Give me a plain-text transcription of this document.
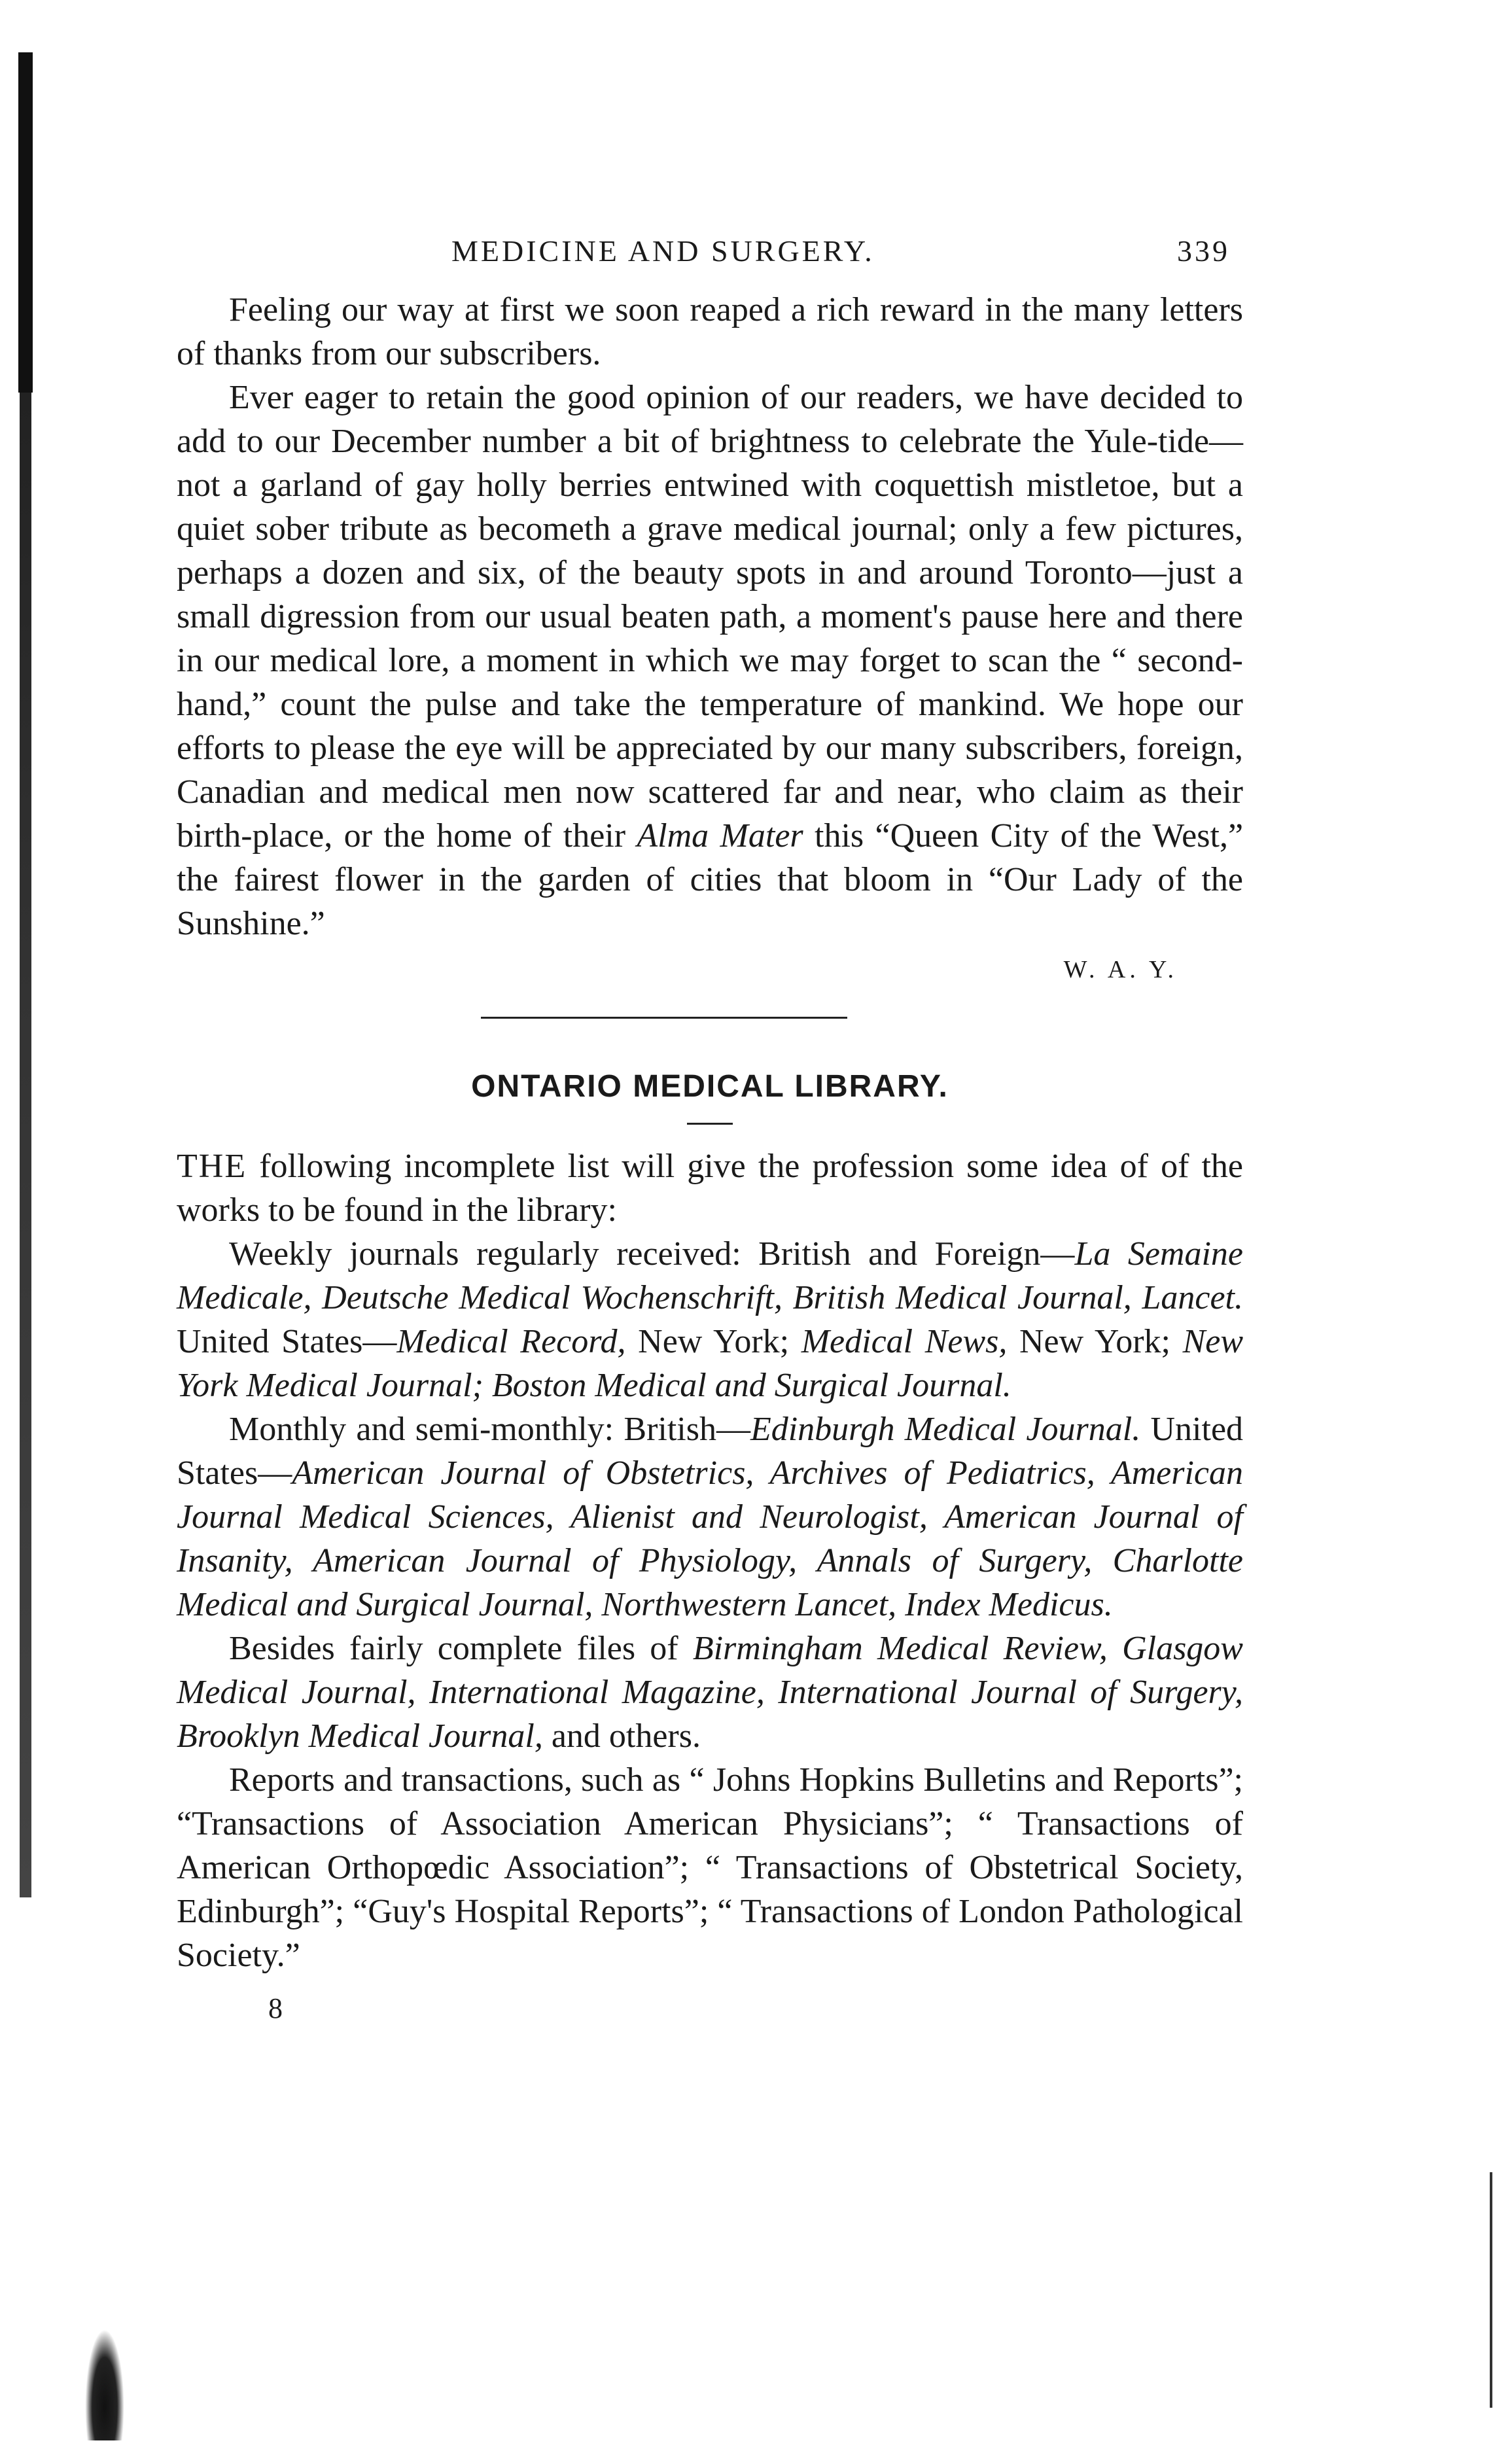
MEDICINE AND SURGERY.	339

Feeling our way at first we soon reaped a rich reward in the many letters of thanks from our subscribers.

Ever eager to retain the good opinion of our readers, we have decided to add to our December number a bit of brightness to celebrate the Yule-tide—not a garland of gay holly berries entwined with coquettish mistletoe, but a quiet sober tribute as becometh a grave medical journal; only a few pictures, perhaps a dozen and six, of the beauty spots in and around Toronto—just a small digression from our usual beaten path, a moment's pause here and there in our medical lore, a moment in which we may forget to scan the “ second-hand,” count the pulse and take the temperature of mankind. We hope our efforts to please the eye will be appreciated by our many subscribers, foreign, Canadian and medical men now scattered far and near, who claim as their birth-place, or the home of their Alma Mater this “Queen City of the West,” the fairest flower in the garden of cities that bloom in “Our Lady of the Sunshine.”

W. A. Y.
ONTARIO MEDICAL LIBRARY.

THE following incomplete list will give the profession some idea of of the works to be found in the library:

Weekly journals regularly received: British and Foreign—La Semaine Medicale, Deutsche Medical Wochenschrift, British Medical Journal, Lancet. United States—Medical Record, New York; Medical News, New York; New York Medical Journal; Boston Medical and Surgical Journal.

Monthly and semi-monthly: British—Edinburgh Medical Journal. United States—American Journal of Obstetrics, Archives of Pediatrics, American Journal Medical Sciences, Alienist and Neurologist, American Journal of Insanity, American Journal of Physiology, Annals of Surgery, Charlotte Medical and Surgical Journal, Northwestern Lancet, Index Medicus.

Besides fairly complete files of Birmingham Medical Review, Glasgow Medical Journal, International Magazine, International Journal of Surgery, Brooklyn Medical Journal, and others.

Reports and transactions, such as “ Johns Hopkins Bulletins and Reports”; “Transactions of Association American Physicians”; “ Transactions of American Orthopœdic Association”; “ Transactions of Obstetrical Society, Edinburgh”; “Guy's Hospital Reports”; “ Transactions of London Pathological Society.”

8
